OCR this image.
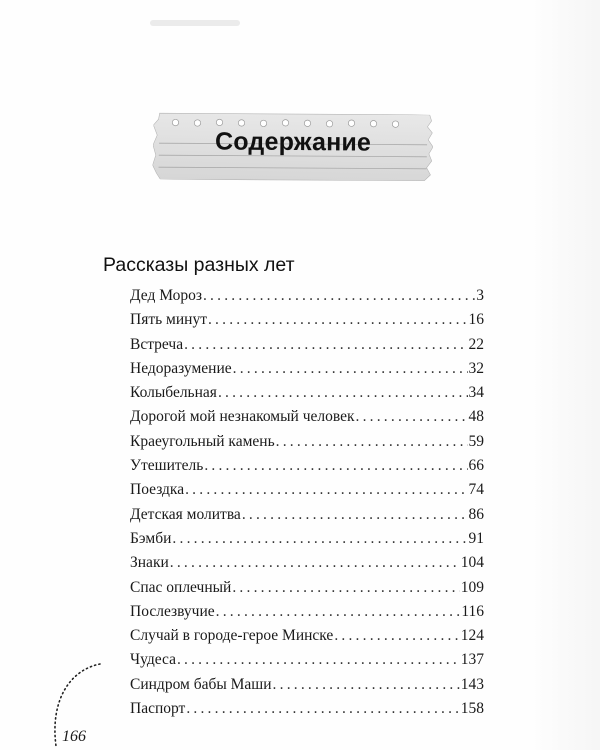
Содержание
Рассказы разных лет
Дед Мороз .....	3
Пять минут .....	16
Встреча .....	22
Недоразумение .....	32
Колыбельная .....	34
Дорогой мой незнакомый человек .....	48
Краеугольный камень .....	59
Утешитель .....	66
Поездка .....	74
Детская молитва .....	86
Бэмби .....	91
Знаки .....	104
Спас оплечный .....	109
Послезвучие .....	116
Случай в городе-герое Минске .....	124
Чудеса .....	137
Синдром бабы Маши .....	143
Паспорт .....	158
166
